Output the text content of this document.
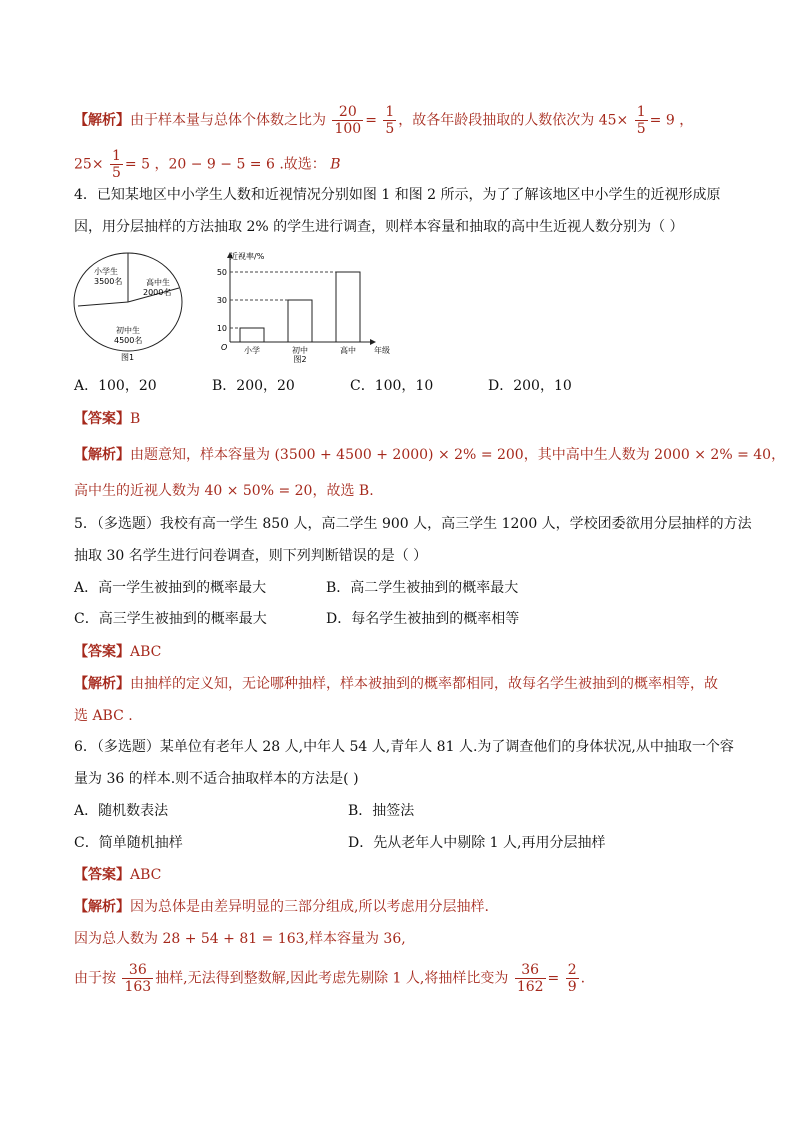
【解析】由于样本量与总体个体数之比为 $\frac{20}{100} = \frac{1}{5}$ ，故各年龄段抽取的人数依次为 $45\times \frac{1}{5} = 9$ ，
$25\times \frac{1}{5} = 5$ ，20 − 9 − 5 = 6 .故选： B
4．已知某地区中小学生人数和近视情况分别如图 1 和图 2 所示，为了了解该地区中小学生的近视形成原
因，用分层抽样的方法抽取 2% 的学生进行调查，则样本容量和抽取的高中生近视人数分别为（ ）
小学生
3500名	高中生
2000名
初中生
4500名
图1
近视率/%
年级
O 小学
10
初中
30
高中
50
图2
A．100，20	B．200，20	C．100，10	D．200，10
【答案】B
【解析】由题意知，样本容量为 (3500 + 4500 + 2000) × 2% = 200，其中高中生人数为 2000 × 2% = 40，
高中生的近视人数为 40 × 50% = 20，故选 B.
5．（多选题）我校有高一学生 850 人，高二学生 900 人，高三学生 1200 人，学校团委欲用分层抽样的方法
抽取 30 名学生进行问卷调查，则下列判断错误的是（ ）
A．高一学生被抽到的概率最大	B．高二学生被抽到的概率最大
C．高三学生被抽到的概率最大	D．每名学生被抽到的概率相等
【答案】ABC
【解析】由抽样的定义知，无论哪种抽样，样本被抽到的概率都相同，故每名学生被抽到的概率相等，故
选 ABC .
6．（多选题）某单位有老年人 28 人,中年人 54 人,青年人 81 人.为了调查他们的身体状况,从中抽取一个容
量为 36 的样本.则不适合抽取样本的方法是( )
A．随机数表法	B．抽签法
C．简单随机抽样	D．先从老年人中剔除 1 人,再用分层抽样
【答案】ABC
【解析】因为总体是由差异明显的三部分组成,所以考虑用分层抽样.
因为总人数为 28 + 54 + 81 = 163,样本容量为 36,
由于按 $\frac{36}{163}$ 抽样,无法得到整数解,因此考虑先剔除 1 人,将抽样比变为 $\frac{36}{162} = \frac{2}{9}$ .
